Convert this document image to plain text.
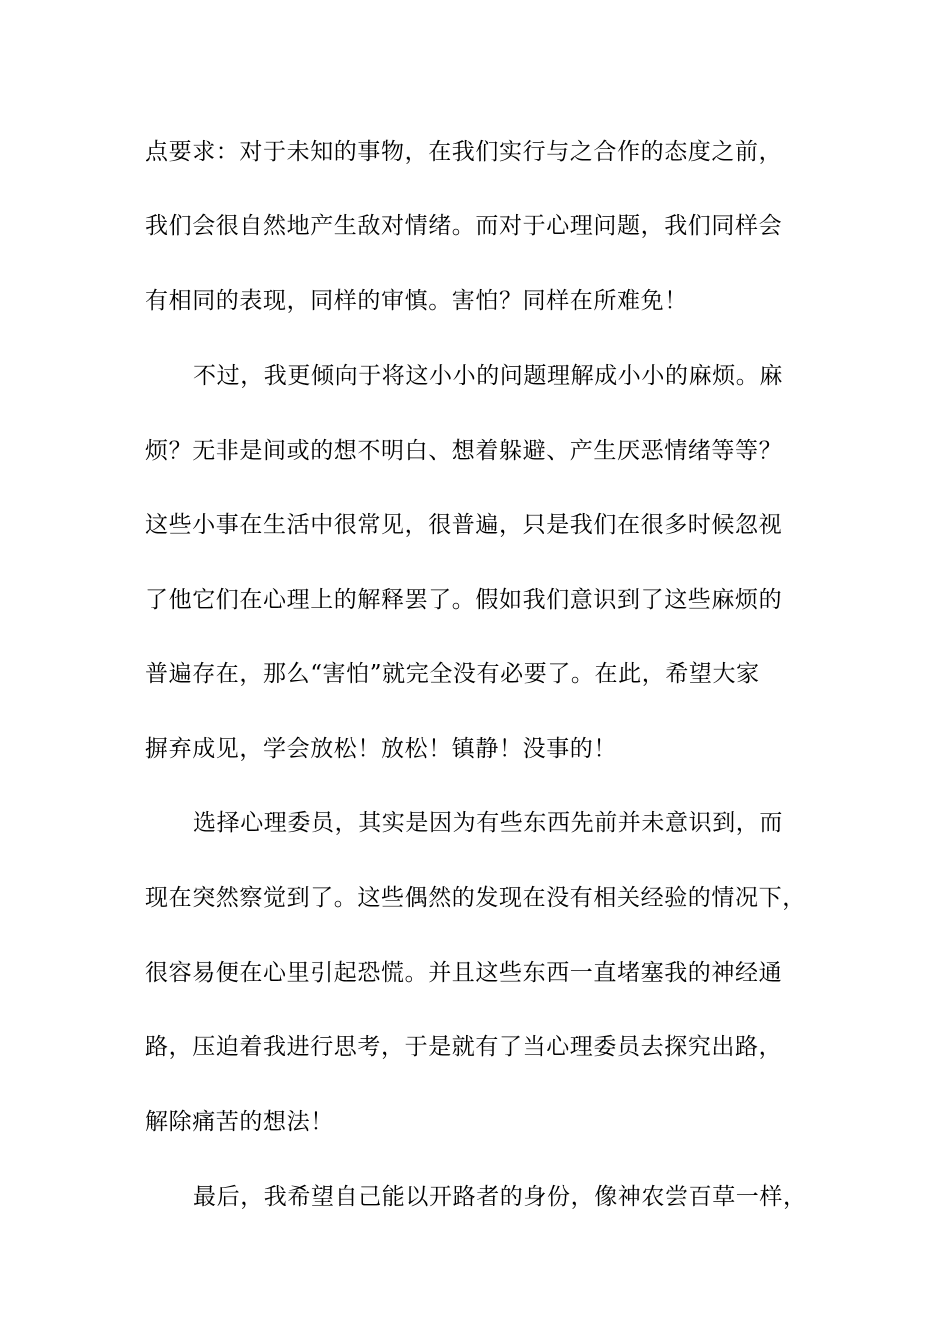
点要求：对于未知的事物，在我们实行与之合作的态度之前，

我们会很自然地产生敌对情绪。而对于心理问题，我们同样会

有相同的表现，同样的审慎。害怕？同样在所难免！

不过，我更倾向于将这小小的问题理解成小小的麻烦。麻

烦？无非是间或的想不明白、想着躲避、产生厌恶情绪等等？

这些小事在生活中很常见，很普遍，只是我们在很多时候忽视

了他它们在心理上的解释罢了。假如我们意识到了这些麻烦的

普遍存在，那么“害怕”就完全没有必要了。在此，希望大家

摒弃成见，学会放松！放松！镇静！没事的！

选择心理委员，其实是因为有些东西先前并未意识到，而

现在突然察觉到了。这些偶然的发现在没有相关经验的情况下，

很容易便在心里引起恐慌。并且这些东西一直堵塞我的神经通

路，压迫着我进行思考，于是就有了当心理委员去探究出路，

解除痛苦的想法！

最后，我希望自己能以开路者的身份，像神农尝百草一样，
